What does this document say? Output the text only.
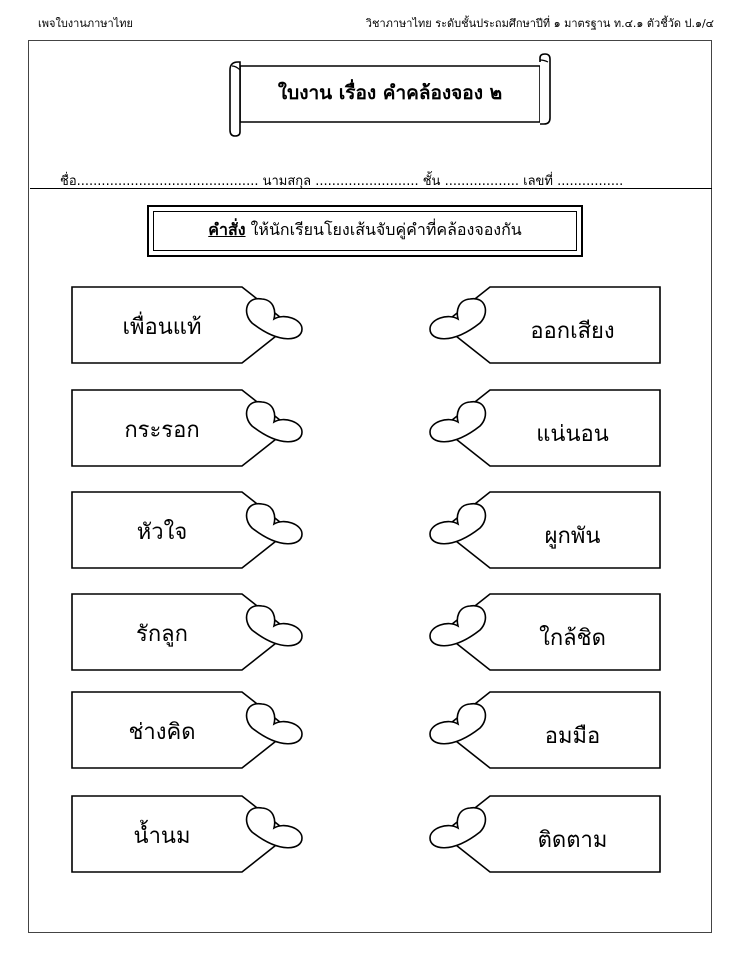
เพจใบงานภาษาไทย	วิชาภาษาไทย ระดับชั้นประถมศึกษาปีที่ ๑ มาตรฐาน ท.๔.๑ ตัวชี้วัด ป.๑/๔
ใบงาน เรื่อง คำคล้องจอง ๒
ชื่อ............................................ นามสกุล ......................... ชั้น .................. เลขที่ ................
คำสั่ง ให้นักเรียนโยงเส้นจับคู่คำที่คล้องจองกัน
เพื่อนแท้
กระรอก
หัวใจ
รักลูก
ช่างคิด
น้ำนม
ออกเสียง
แน่นอน
ผูกพัน
ใกล้ชิด
อมมือ
ติดตาม
